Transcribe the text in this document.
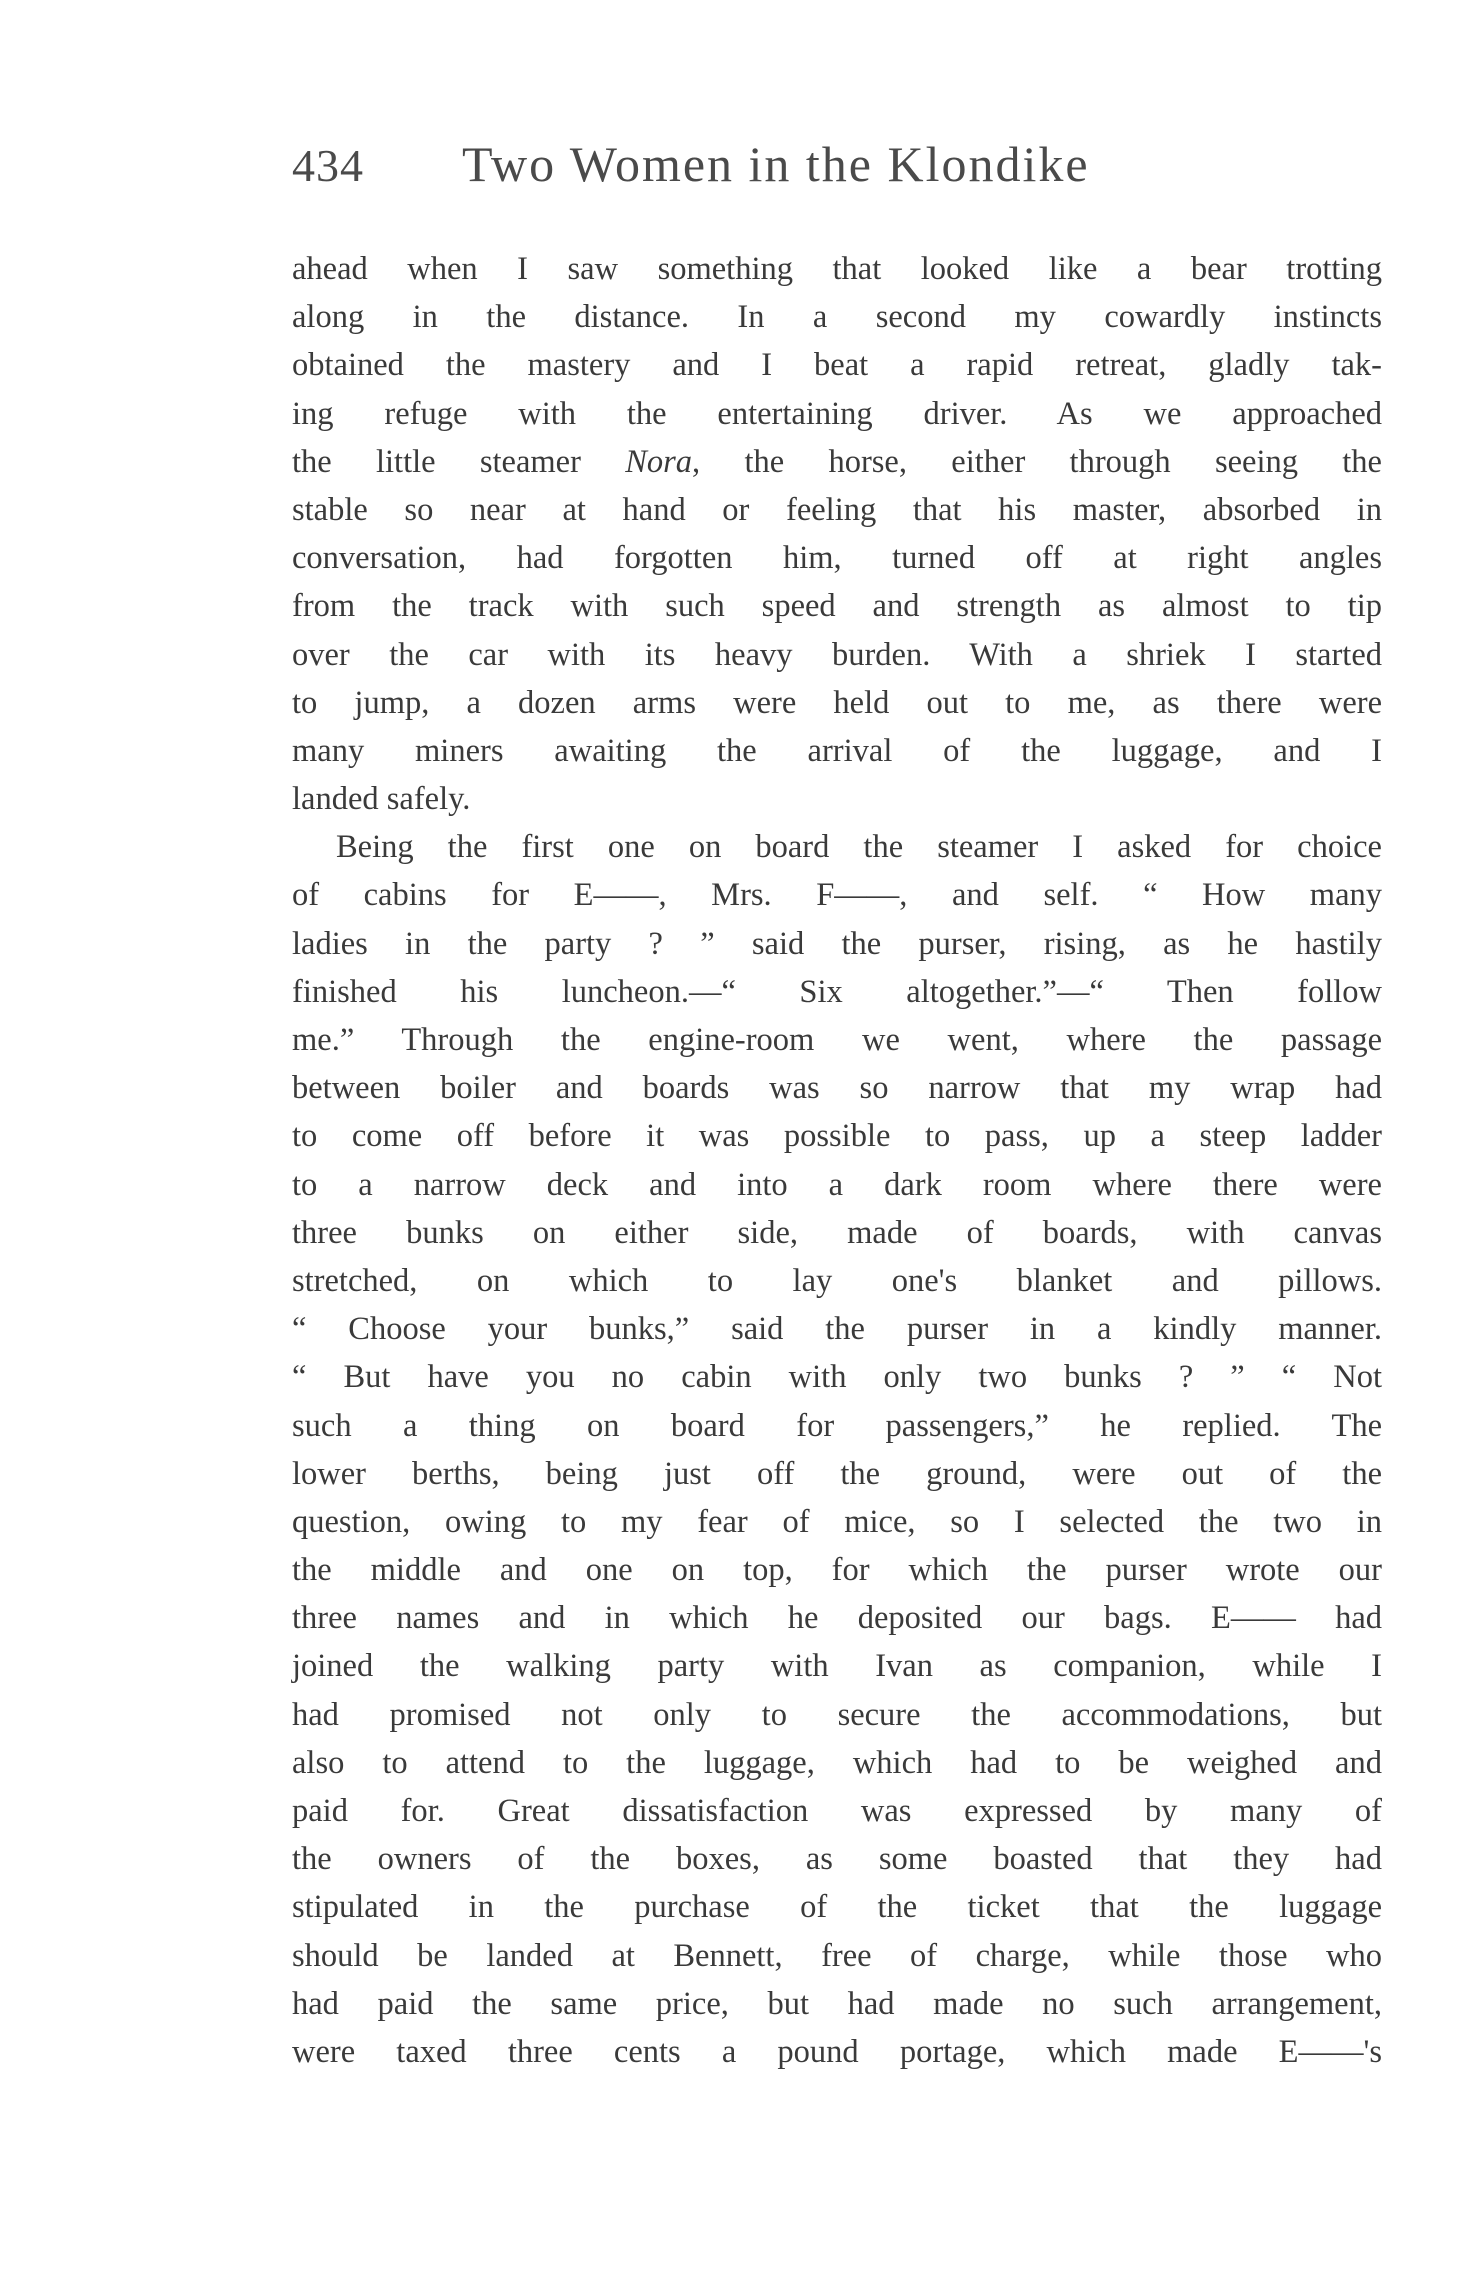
434 Two Women in the Klondike
ahead when I saw something that looked like a bear trotting
along in the distance. In a second my cowardly instincts
obtained the mastery and I beat a rapid retreat, gladly tak-
ing refuge with the entertaining driver. As we approached
the little steamer Nora, the horse, either through seeing the
stable so near at hand or feeling that his master, absorbed in
conversation, had forgotten him, turned off at right angles
from the track with such speed and strength as almost to tip
over the car with its heavy burden. With a shriek I started
to jump, a dozen arms were held out to me, as there were
many miners awaiting the arrival of the luggage, and I
landed safely.
Being the first one on board the steamer I asked for choice
of cabins for E——, Mrs. F——, and self. “ How many
ladies in the party ? ” said the purser, rising, as he hastily
finished his luncheon.—“ Six altogether.”—“ Then follow
me.” Through the engine-room we went, where the passage
between boiler and boards was so narrow that my wrap had
to come off before it was possible to pass, up a steep ladder
to a narrow deck and into a dark room where there were
three bunks on either side, made of boards, with canvas
stretched, on which to lay one's blanket and pillows.
“ Choose your bunks,” said the purser in a kindly manner.
“ But have you no cabin with only two bunks ? ” “ Not
such a thing on board for passengers,” he replied. The
lower berths, being just off the ground, were out of the
question, owing to my fear of mice, so I selected the two in
the middle and one on top, for which the purser wrote our
three names and in which he deposited our bags. E—— had
joined the walking party with Ivan as companion, while I
had promised not only to secure the accommodations, but
also to attend to the luggage, which had to be weighed and
paid for. Great dissatisfaction was expressed by many of
the owners of the boxes, as some boasted that they had
stipulated in the purchase of the ticket that the luggage
should be landed at Bennett, free of charge, while those who
had paid the same price, but had made no such arrangement,
were taxed three cents a pound portage, which made E——'s
